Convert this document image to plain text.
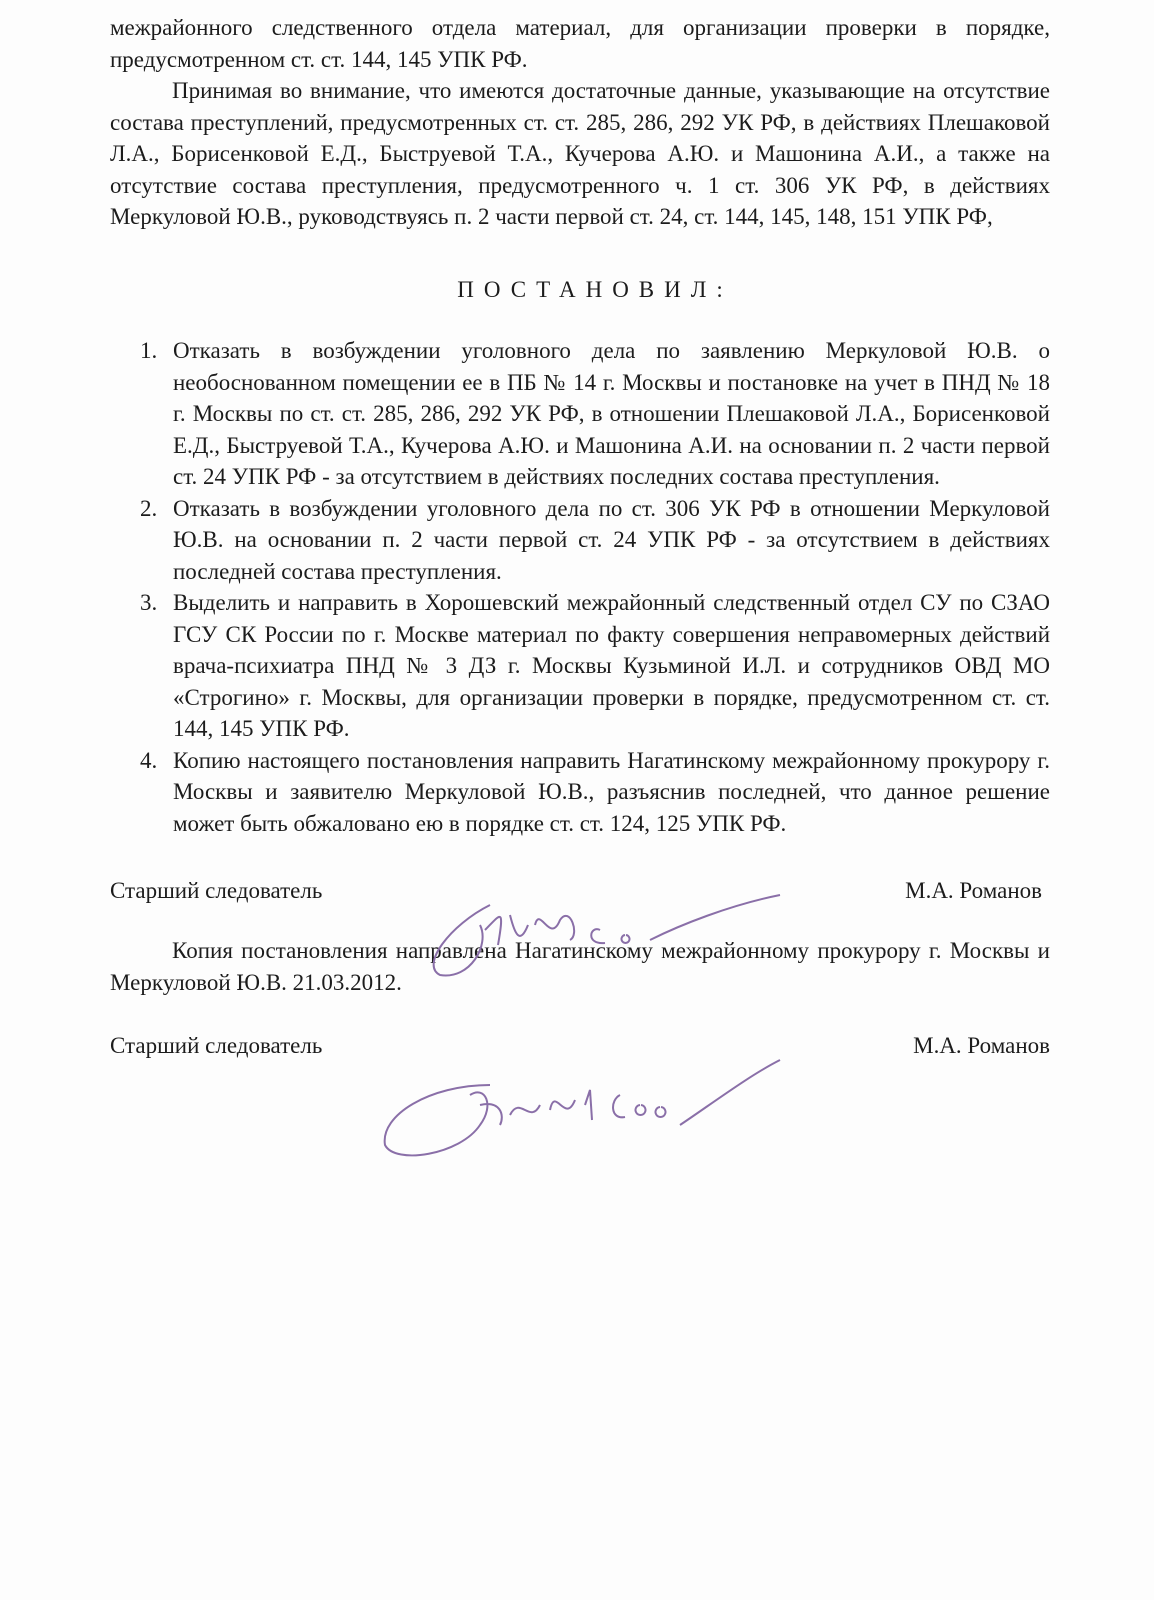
межрайонного следственного отдела материал, для организации проверки в порядке, предусмотренном ст. ст. 144, 145 УПК РФ.

Принимая во внимание, что имеются достаточные данные, указывающие на отсутствие состава преступлений, предусмотренных ст. ст. 285, 286, 292 УК РФ, в действиях Плешаковой Л.А., Борисенковой Е.Д., Быструевой Т.А., Кучерова А.Ю. и Машонина А.И., а также на отсутствие состава преступления, предусмотренного ч. 1 ст. 306 УК РФ, в действиях Меркуловой Ю.В., руководствуясь п. 2 части первой ст. 24, ст. 144, 145, 148, 151 УПК РФ,

ПОСТАНОВИЛ:
1. Отказать в возбуждении уголовного дела по заявлению Меркуловой Ю.В. о необоснованном помещении ее в ПБ № 14 г. Москвы и постановке на учет в ПНД № 18 г. Москвы по ст. ст. 285, 286, 292 УК РФ, в отношении Плешаковой Л.А., Борисенковой Е.Д., Быструевой Т.А., Кучерова А.Ю. и Машонина А.И. на основании п. 2 части первой ст. 24 УПК РФ - за отсутствием в действиях последних состава преступления.
2. Отказать в возбуждении уголовного дела по ст. 306 УК РФ в отношении Меркуловой Ю.В. на основании п. 2 части первой ст. 24 УПК РФ - за отсутствием в действиях последней состава преступления.
3. Выделить и направить в Хорошевский межрайонный следственный отдел СУ по СЗАО ГСУ СК России по г. Москве материал по факту совершения неправомерных действий врача-психиатра ПНД № 3 ДЗ г. Москвы Кузьминой И.Л. и сотрудников ОВД МО «Строгино» г. Москвы, для организации проверки в порядке, предусмотренном ст. ст. 144, 145 УПК РФ.
4. Копию настоящего постановления направить Нагатинскому межрайонному прокурору г. Москвы и заявителю Меркуловой Ю.В., разъяснив последней, что данное решение может быть обжаловано ею в порядке ст. ст. 124, 125 УПК РФ.
Старший следователь	М.А. Романов

Копия постановления направлена Нагатинскому межрайонному прокурору г. Москвы и Меркуловой Ю.В. 21.03.2012.

Старший следователь	М.А. Романов
